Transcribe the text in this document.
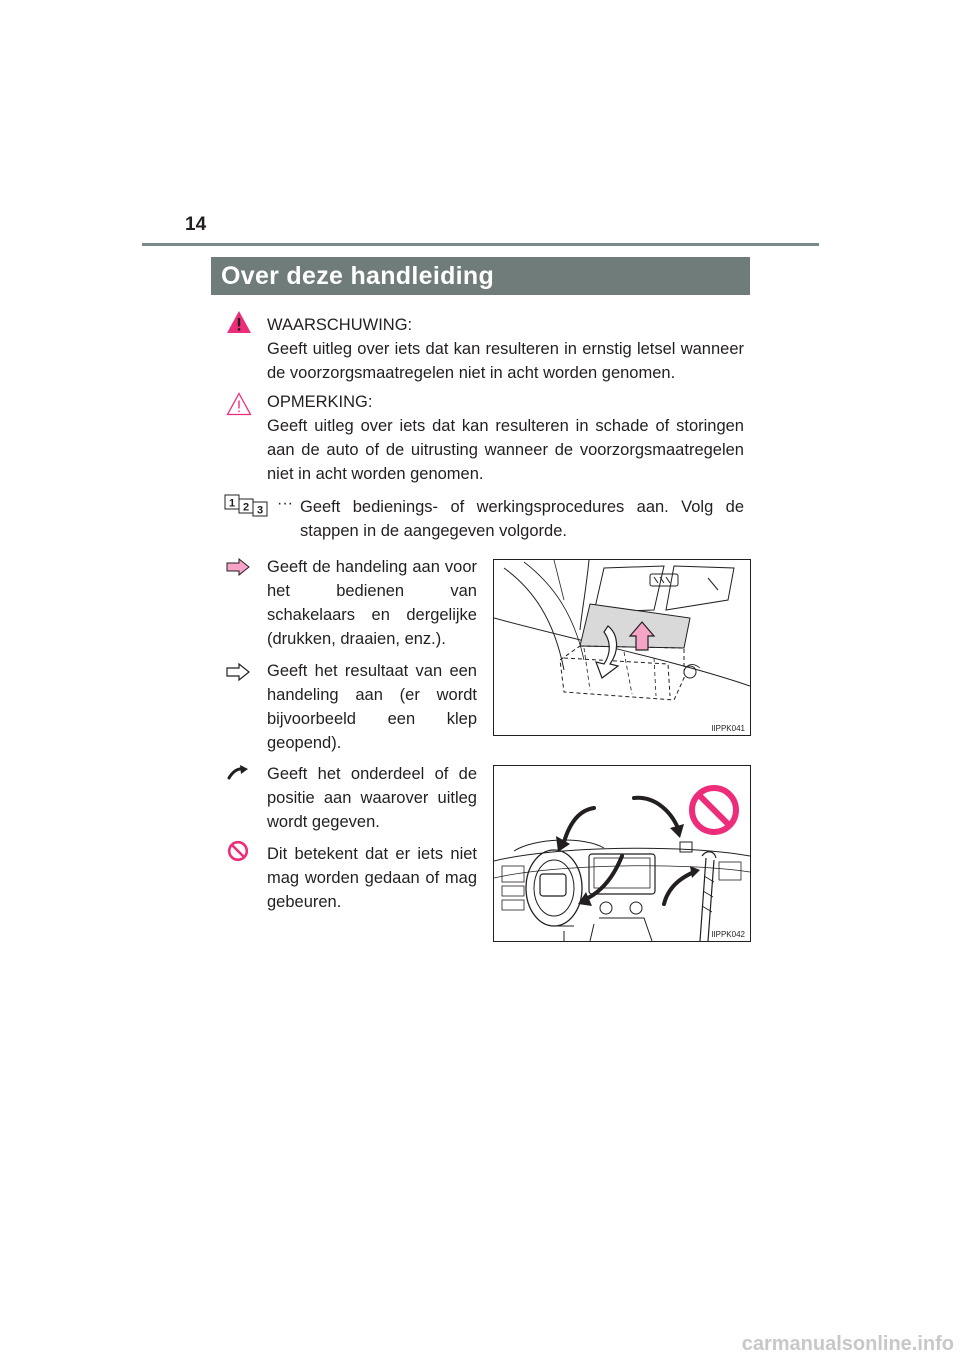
14
Over deze handleiding

WAARSCHUWING:

Geeft uitleg over iets dat kan resulteren in ernstig letsel wanneer de voorzorgsmaatregelen niet in acht worden genomen.

OPMERKING:

Geeft uitleg over iets dat kan resulteren in schade of storingen aan de auto of de uitrusting wanneer de voorzorgsmaatregelen niet in acht worden genomen.

1 2 3 ··· Geeft bedienings- of werkingsprocedures aan. Volg de stappen in de aangegeven volgorde.

Geeft de handeling aan voor het bedienen van schakelaars en dergelijke (drukken, draaien, enz.).

Geeft het resultaat van een handeling aan (er wordt bijvoorbeeld een klep geopend).

Geeft het onderdeel of de positie aan waarover uitleg wordt gegeven.

Dit betekent dat er iets niet mag worden gedaan of mag gebeuren.

IIPPK041
IIPPK042
carmanualsonline.info
